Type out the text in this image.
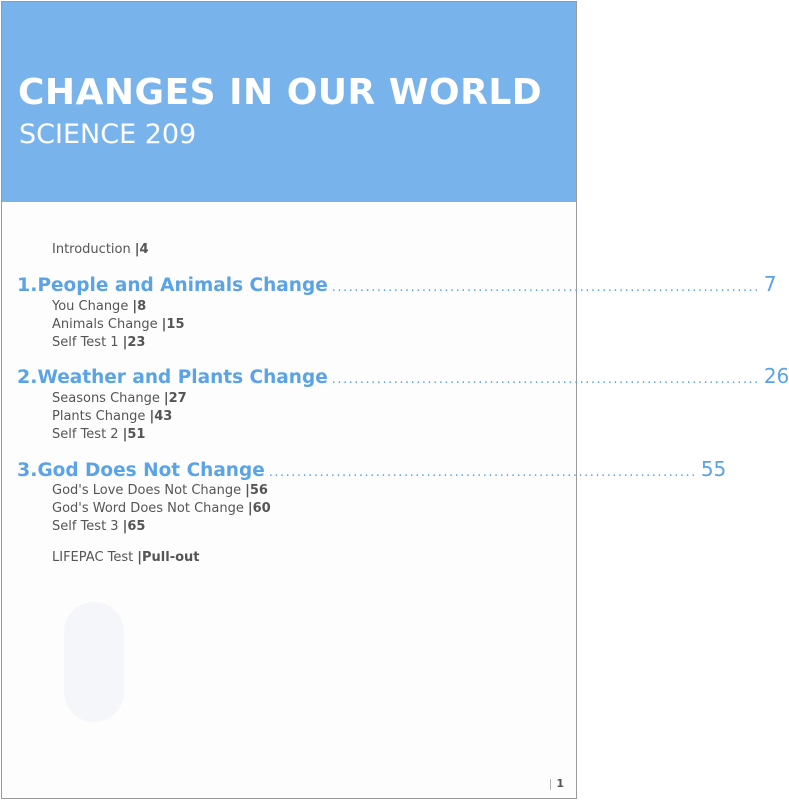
CHANGES IN OUR WORLD
SCIENCE 209
Introduction |4
1. People and Animals Change ............................................................................ 7
You Change |8
Animals Change |15
Self Test 1 |23
2. Weather and Plants Change ............................................................................ 26
Seasons Change |27
Plants Change |43
Self Test 2 |51
3. God Does Not Change ............................................................................ 55
God's Love Does Not Change |56
God's Word Does Not Change |60
Self Test 3 |65
LIFEPAC Test |Pull-out
| 1
